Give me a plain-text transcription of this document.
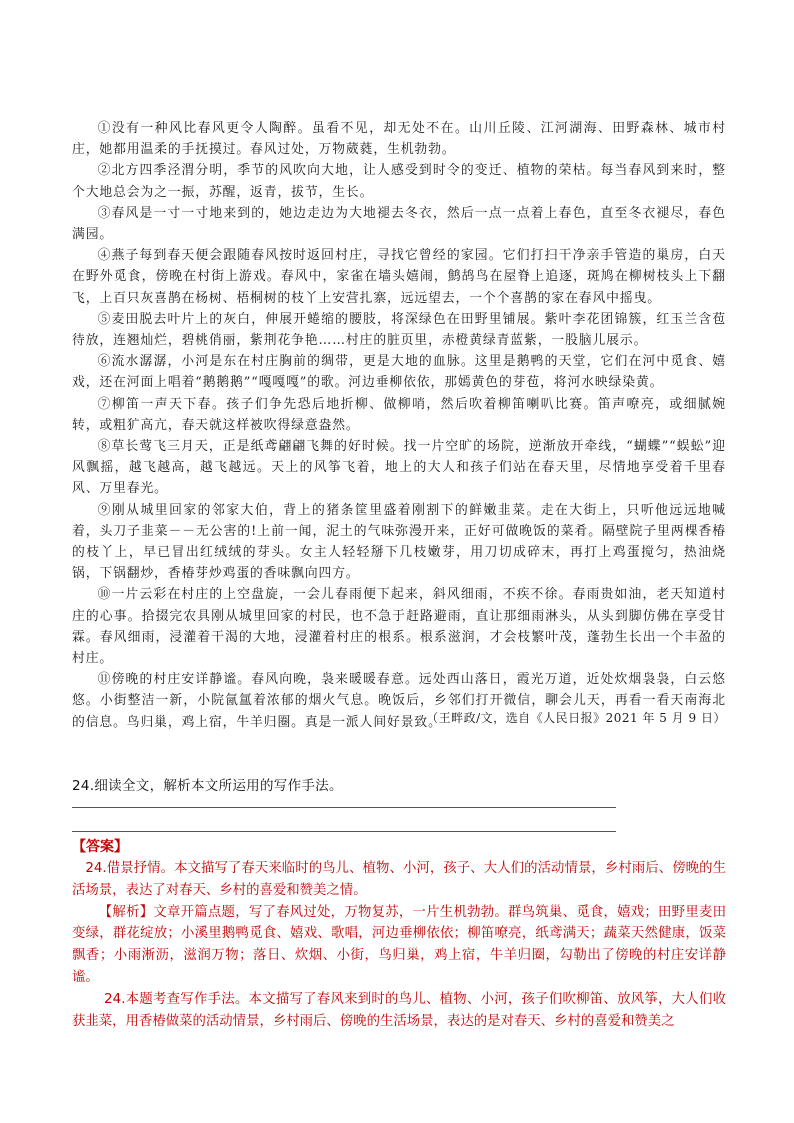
①没有一种风比春风更令人陶醉。虽看不见，却无处不在。山川丘陵、江河湖海、田野森林、城市村庄，她都用温柔的手抚摸过。春风过处，万物葳蕤，生机勃勃。

②北方四季泾渭分明，季节的风吹向大地，让人感受到时令的变迁、植物的荣枯。每当春风到来时，整个大地总会为之一振，苏醒，返青，拔节，生长。

③春风是一寸一寸地来到的，她边走边为大地褪去冬衣，然后一点一点着上春色，直至冬衣褪尽，春色满园。

④燕子每到春天便会跟随春风按时返回村庄，寻找它曾经的家园。它们打扫干净亲手管造的巢房，白天在野外觅食，傍晚在村街上游戏。春风中，家雀在墙头嬉闹，鹪鸪鸟在屋脊上追逐，斑鸠在柳树枝头上下翻飞，上百只灰喜鹊在杨树、梧桐树的枝丫上安营扎寨，远远望去，一个个喜鹊的家在春风中摇曳。

⑤麦田脱去叶片上的灰白，伸展开蜷缩的腰肢，将深绿色在田野里铺展。紫叶李花团锦簇，红玉兰含苞待放，连翘灿烂，碧桃俏丽，紫荆花争艳……村庄的脏页里，赤橙黄绿青蓝紫，一股脑儿展示。

⑥流水潺潺，小河是东在村庄胸前的绸带，更是大地的血脉。这里是鹅鸭的天堂，它们在河中觅食、嬉戏，还在河面上唱着“鹅鹅鹅”“嘎嘎嘎”的歌。河边垂柳依依，那嫣黄色的芽苞，将河水映绿染黄。

⑦柳笛一声天下春。孩子们争先恐后地折柳、做柳哨，然后吹着柳笛喇叭比赛。笛声嘹亮，或细腻婉转，或粗犷高亢，春天就这样被吹得绿意盎然。

⑧草长莺飞三月天，正是纸鸢翩翩飞舞的好时候。找一片空旷的场院，逆渐放开牵线，“蝴蝶”“蜈蚣”迎风飘摇，越飞越高，越飞越远。天上的风筝飞着，地上的大人和孩子们站在春天里，尽情地享受着千里春风、万里春光。

⑨刚从城里回家的邻家大伯，背上的猪条筐里盛着刚割下的鲜嫩韭菜。走在大街上，只听他远远地喊着，头刀子韭菜－－无公害的!上前一闻，泥土的气味弥漫开来，正好可做晚饭的菜肴。隔壁院子里两棵香椿的枝丫上，早已冒出红绒绒的芽头。女主人轻轻掰下几枝嫩芽，用刀切成碎末，再打上鸡蛋搅匀，热油烧锅，下锅翻炒，香椿芽炒鸡蛋的香味飘向四方。

⑩一片云彩在村庄的上空盘旋，一会儿春雨便下起来，斜风细雨，不疾不徐。春雨贵如油，老天知道村庄的心事。拾掇完农具刚从城里回家的村民，也不急于赶路避雨，直让那细雨淋头，从头到脚仿佛在享受甘霖。春风细雨，浸灌着干渴的大地，浸灌着村庄的根系。根系滋润，才会枝繁叶茂，蓬勃生长出一个丰盈的村庄。

⑪傍晚的村庄安详静谧。春风向晚，袅来暖暖春意。远处西山落日，霞光万道，近处炊烟袅袅，白云悠悠。小街整洁一新，小院氤氲着浓郁的烟火气息。晚饭后，乡邻们打开微信，聊会儿天，再看一看天南海北的信息。鸟归巢，鸡上宿，牛羊归圈。真是一派人间好景致。

（王畔政/文，选自《人民日报》2021 年 5 月 9 日）
24.细读全文，解析本文所运用的写作手法。
【答案】

24.借景抒情。本文描写了春天来临时的鸟儿、植物、小河，孩子、大人们的活动情景，乡村雨后、傍晚的生活场景，表达了对春天、乡村的喜爱和赞美之情。

【解析】文章开篇点题，写了春风过处，万物复苏，一片生机勃勃。群鸟筑巢、觅食，嬉戏；田野里麦田变绿，群花绽放；小溪里鹅鸭觅食、嬉戏、歌唱，河边垂柳依依；柳笛嘹亮，纸鸢满天；蔬菜天然健康，饭菜飘香；小雨淅沥，滋润万物；落日、炊烟、小街，鸟归巢，鸡上宿，牛羊归圈，勾勒出了傍晚的村庄安详静谧。

24.本题考查写作手法。本文描写了春风来到时的鸟儿、植物、小河，孩子们吹柳笛、放风筝，大人们收获韭菜，用香椿做菜的活动情景，乡村雨后、傍晚的生活场景，表达的是对春天、乡村的喜爱和赞美之
